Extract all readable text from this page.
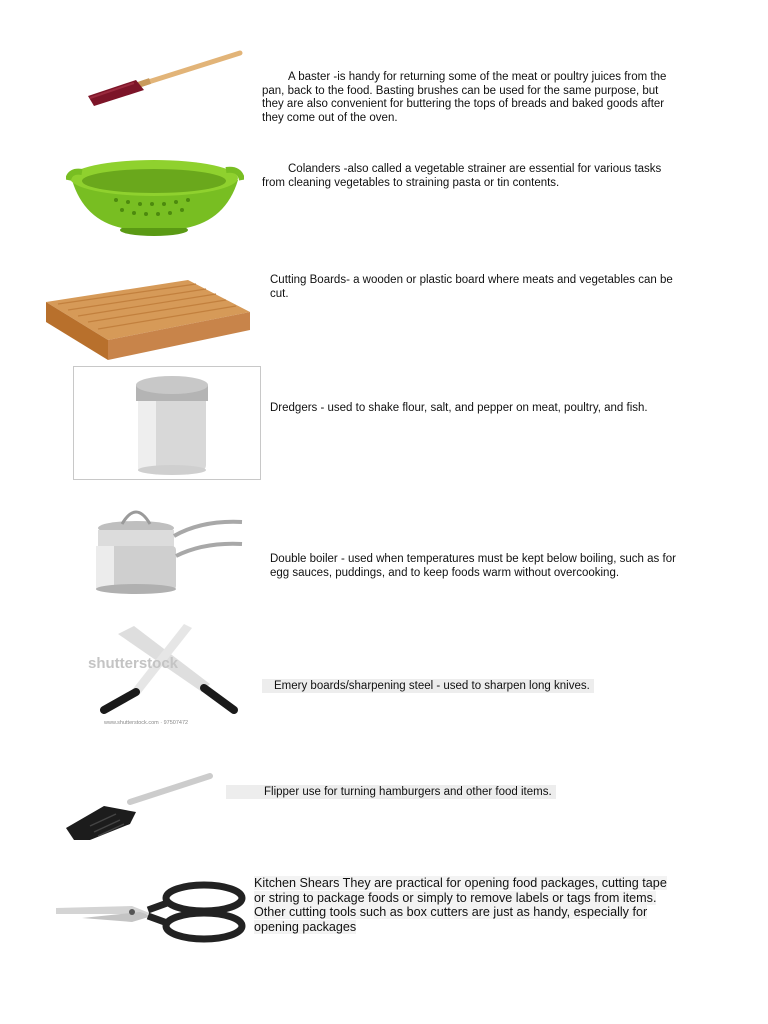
A baster -is handy for returning some of the meat or poultry juices from the pan, back to the food. Basting brushes can be used for the same purpose, but they are also convenient for buttering the tops of breads and baked goods after they come out of the oven.

Colanders -also called a vegetable strainer are essential for various tasks from cleaning vegetables to straining pasta or tin contents.

Cutting Boards- a wooden or plastic board where meats and vegetables can be cut.

Dredgers - used to shake flour, salt, and pepper on meat, poultry, and fish.

Double boiler - used when temperatures must be kept below boiling, such as for egg sauces, puddings, and to keep foods warm without overcooking.

shutterstock
www.shutterstock.com · 97507472

Emery boards/sharpening steel - used to sharpen long knives.

Flipper use for turning hamburgers and other food items.

Kitchen Shears They are practical for opening food packages, cutting tape or string to package foods or simply to remove labels or tags from items. Other cutting tools such as box cutters are just as handy, especially for opening packages
